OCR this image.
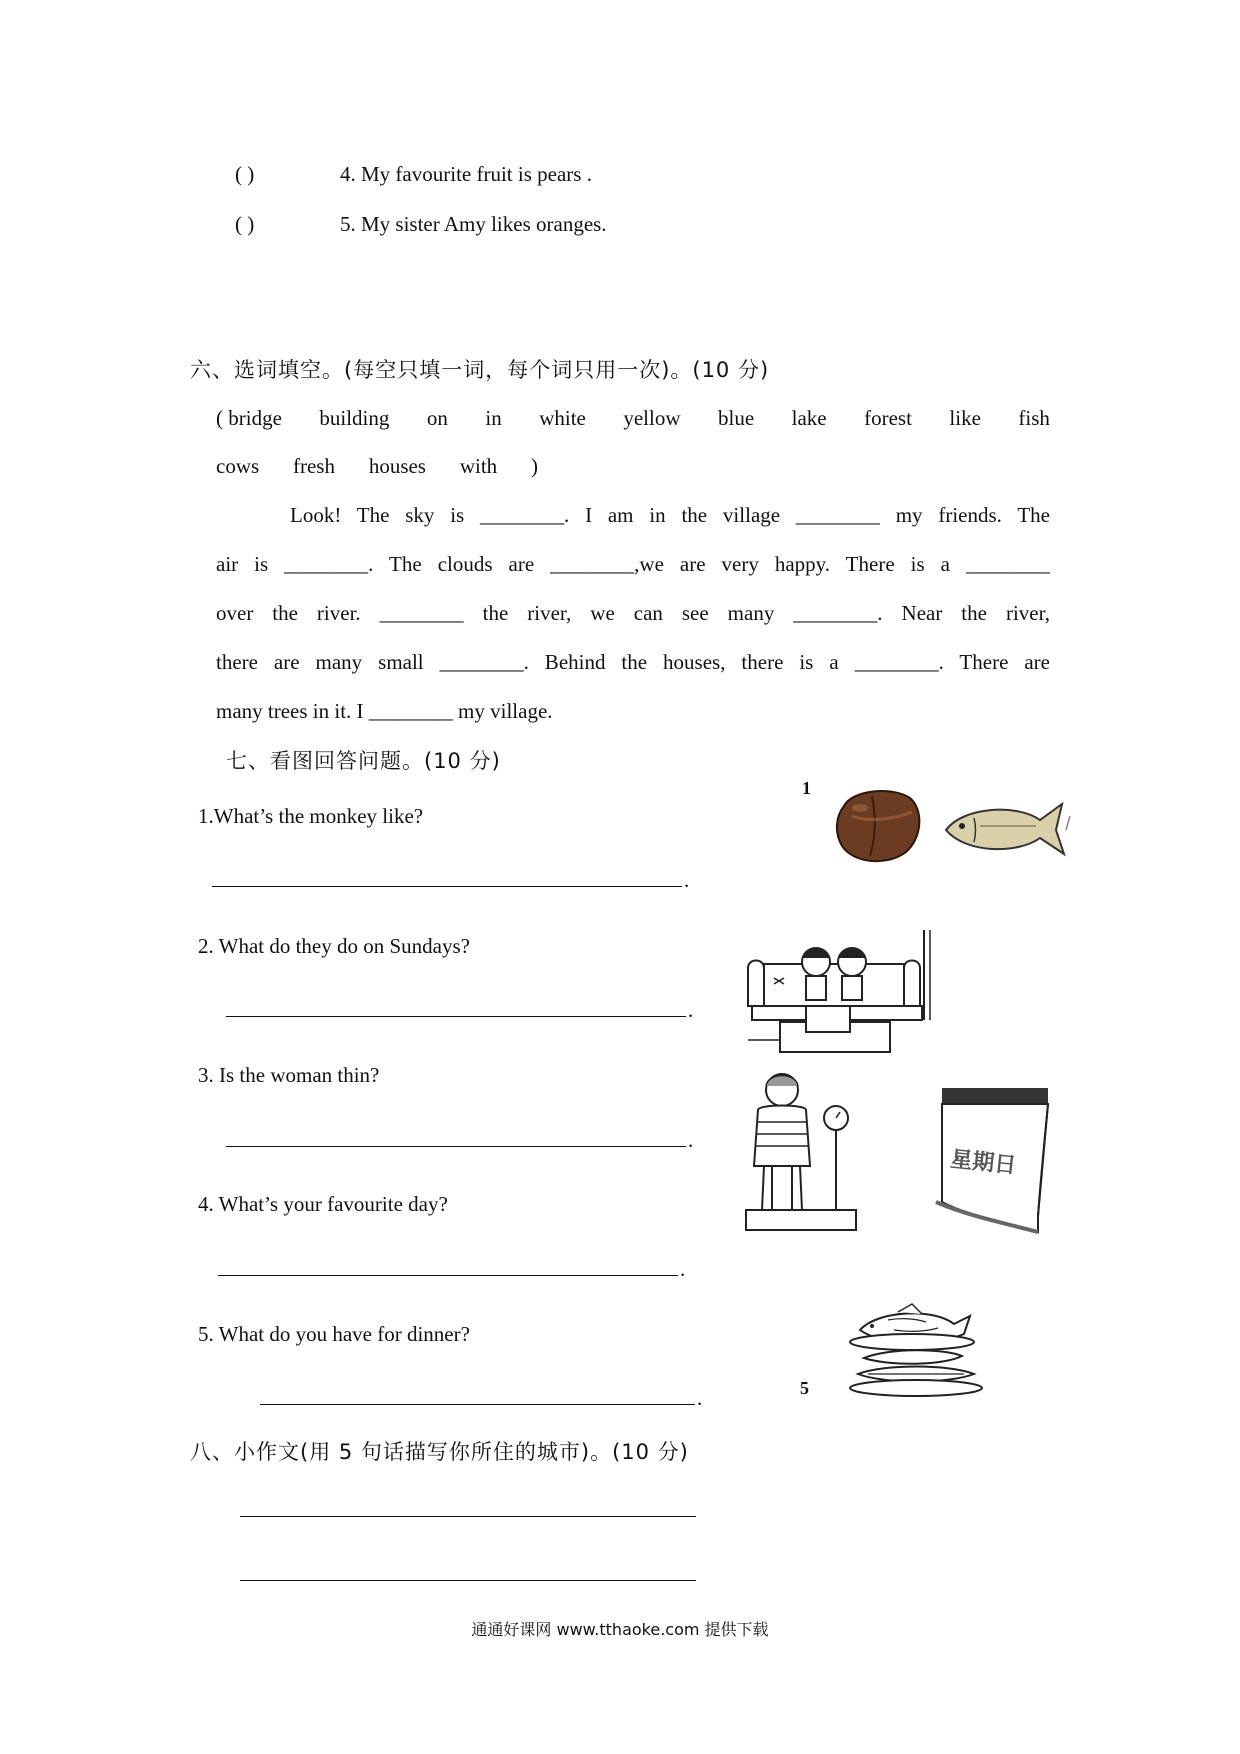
( )	4. My favourite fruit is pears .
( )	5. My sister Amy likes oranges.
六、选词填空。(每空只填一词，每个词只用一次)。(10 分)
( bridge building on in white yellow blue lake forest like fish
cows fresh houses with )
Look! The sky is ________. I am in the village ________ my friends. The
air is ________. The clouds are ________,we are very happy. There is a ________
over the river. ________ the river, we can see many ________. Near the river,
there are many small ________. Behind the houses, there is a ________. There are
many trees in it. I ________ my village.
七、看图回答问题。(10 分)
1.What’s the monkey like?
.
2. What do they do on Sundays?
.
3. Is the woman thin?
.
4. What’s your favourite day?
.
5. What do you have for dinner?
.
1
5
星期日
八、小作文(用 5 句话描写你所住的城市)。(10 分)
通通好课网 www.tthaoke.com 提供下载
